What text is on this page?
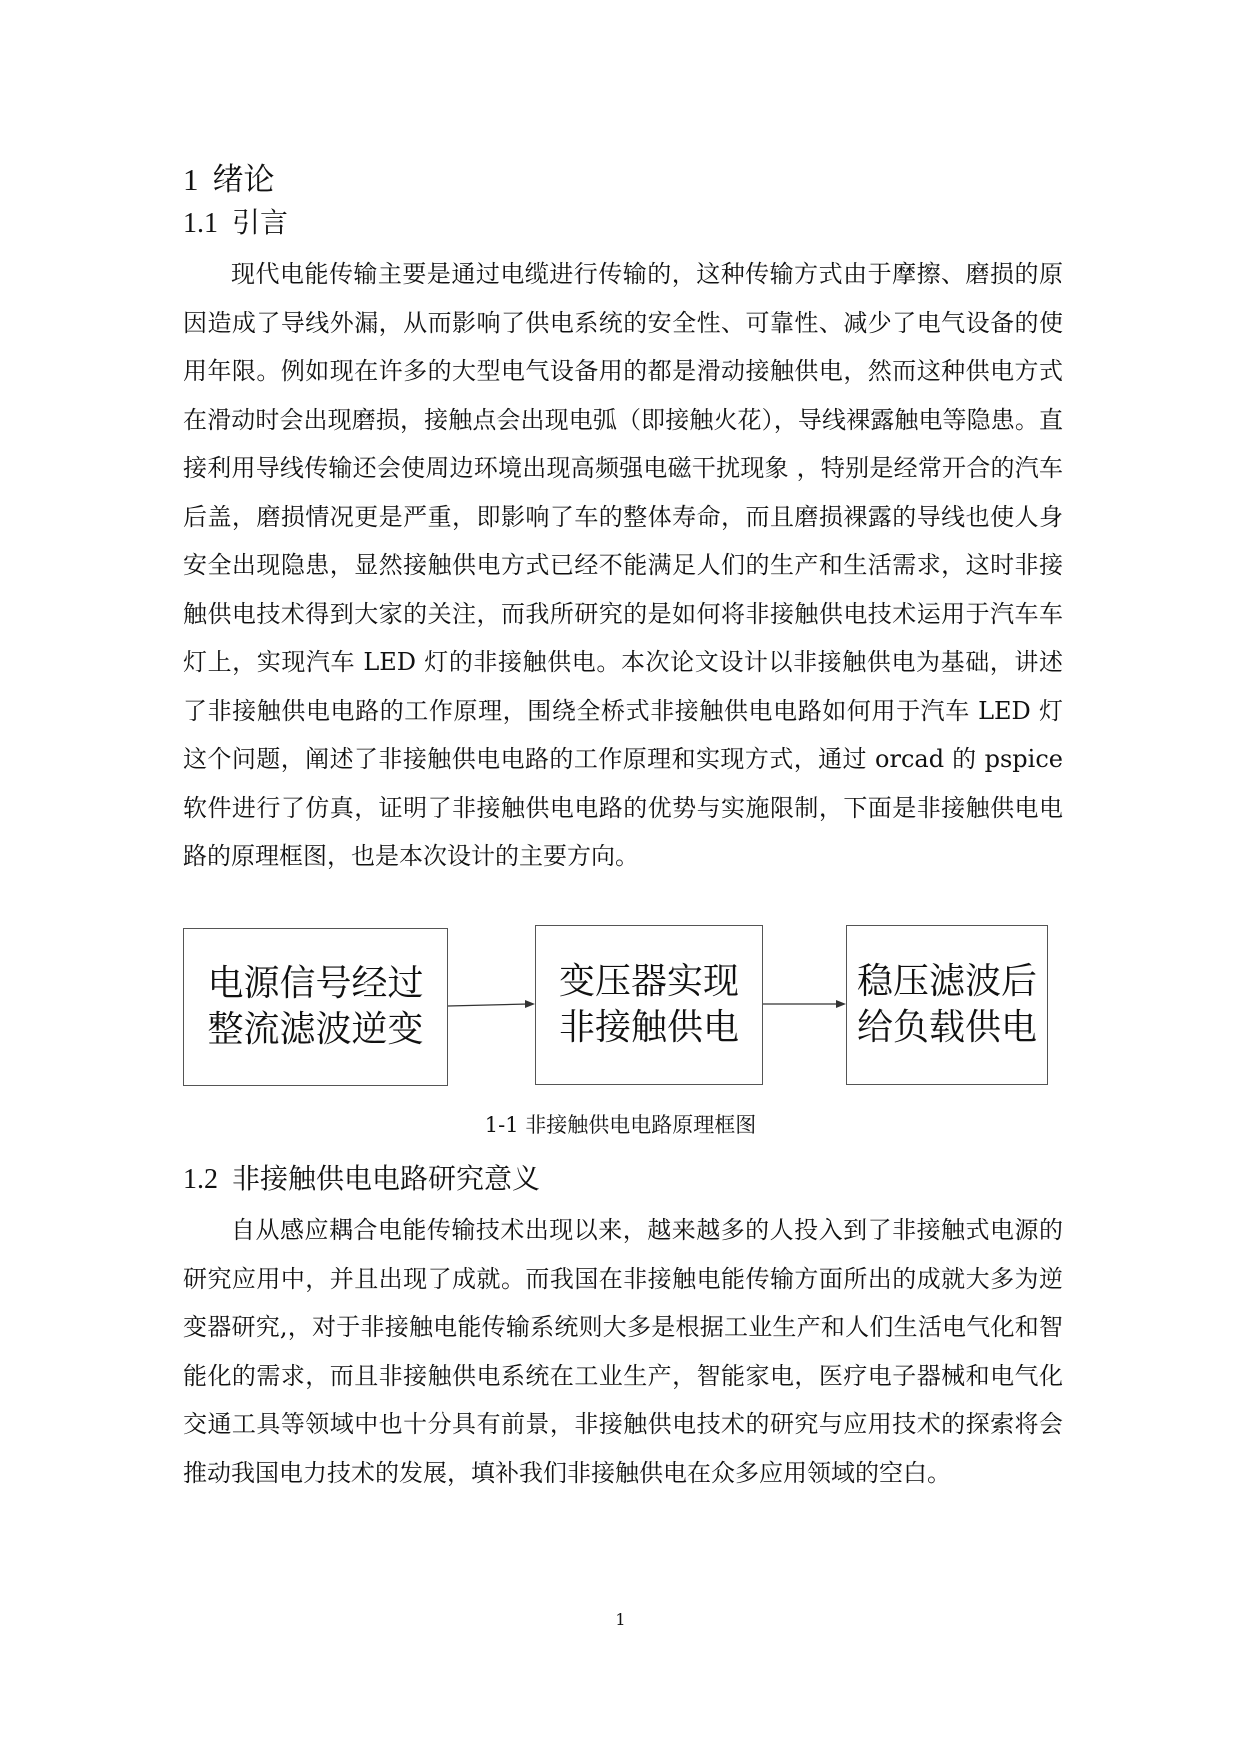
1 绪论
1.1 引言

现代电能传输主要是通过电缆进行传输的，这种传输方式由于摩擦、磨损的原因造成了导线外漏，从而影响了供电系统的安全性、可靠性、减少了电气设备的使用年限。例如现在许多的大型电气设备用的都是滑动接触供电，然而这种供电方式在滑动时会出现磨损，接触点会出现电弧（即接触火花），导线裸露触电等隐患。直接利用导线传输还会使周边环境出现高频强电磁干扰现象 ，特别是经常开合的汽车后盖，磨损情况更是严重，即影响了车的整体寿命，而且磨损裸露的导线也使人身安全出现隐患，显然接触供电方式已经不能满足人们的生产和生活需求，这时非接触供电技术得到大家的关注，而我所研究的是如何将非接触供电技术运用于汽车车灯上，实现汽车 LED 灯的非接触供电。本次论文设计以非接触供电为基础，讲述了非接触供电电路的工作原理，围绕全桥式非接触供电电路如何用于汽车 LED 灯这个问题，阐述了非接触供电电路的工作原理和实现方式，通过 orcad 的 pspice 软件进行了仿真，证明了非接触供电电路的优势与实施限制，下面是非接触供电电路的原理框图，也是本次设计的主要方向。

电源信号经过
整流滤波逆变
变压器实现
非接触供电
稳压滤波后
给负载供电
1-1 非接触供电电路原理框图
1.2 非接触供电电路研究意义

自从感应耦合电能传输技术出现以来，越来越多的人投入到了非接触式电源的研究应用中，并且出现了成就。而我国在非接触电能传输方面所出的成就大多为逆变器研究,，对于非接触电能传输系统则大多是根据工业生产和人们生活电气化和智能化的需求，而且非接触供电系统在工业生产，智能家电，医疗电子器械和电气化交通工具等领域中也十分具有前景，非接触供电技术的研究与应用技术的探索将会推动我国电力技术的发展，填补我们非接触供电在众多应用领域的空白。

1
